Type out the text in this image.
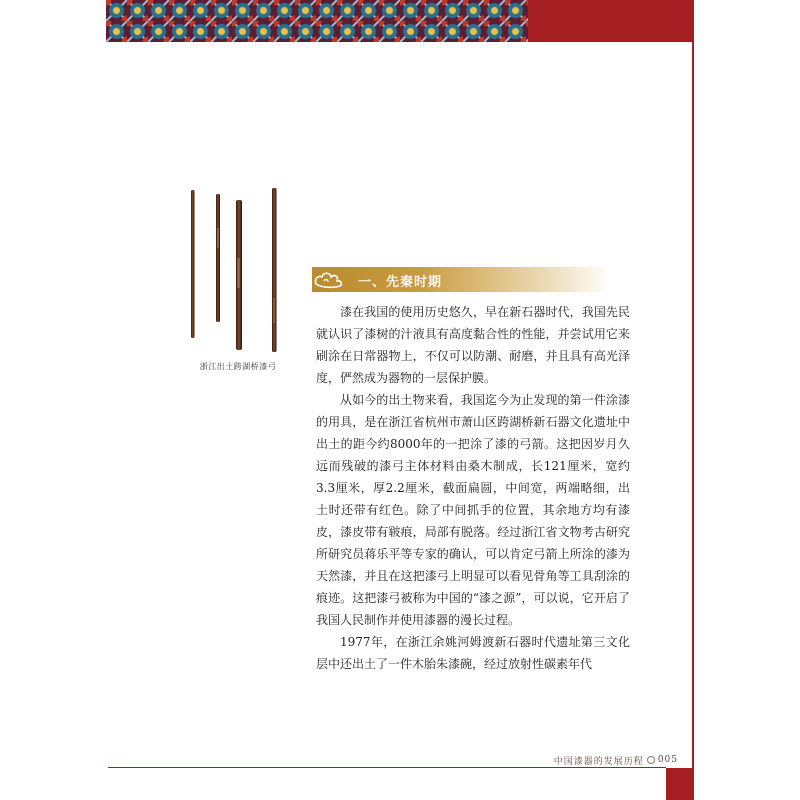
浙江出土跨湖桥漆弓
一、先秦时期

漆在我国的使用历史悠久，早在新石器时代，我国先民就认识了漆树的汁液具有高度黏合性的性能，并尝试用它来刷涂在日常器物上，不仅可以防潮、耐磨，并且具有高光泽度，俨然成为器物的一层保护膜。

从如今的出土物来看，我国迄今为止发现的第一件涂漆的用具，是在浙江省杭州市萧山区跨湖桥新石器文化遗址中出土的距今约8000年的一把涂了漆的弓箭。这把因岁月久远而残破的漆弓主体材料由桑木制成，长121厘米，宽约3.3厘米，厚2.2厘米，截面扁圆，中间宽，两端略细，出土时还带有红色。除了中间抓手的位置，其余地方均有漆皮，漆皮带有皲痕，局部有脱落。经过浙江省文物考古研究所研究员蒋乐平等专家的确认，可以肯定弓箭上所涂的漆为天然漆，并且在这把漆弓上明显可以看见骨角等工具刮涂的痕迹。这把漆弓被称为中国的“漆之源”，可以说，它开启了我国人民制作并使用漆器的漫长过程。

1977年，在浙江余姚河姆渡新石器时代遗址第三文化层中还出土了一件木胎朱漆碗，经过放射性碳素年代

中国漆器的发展历程 005
